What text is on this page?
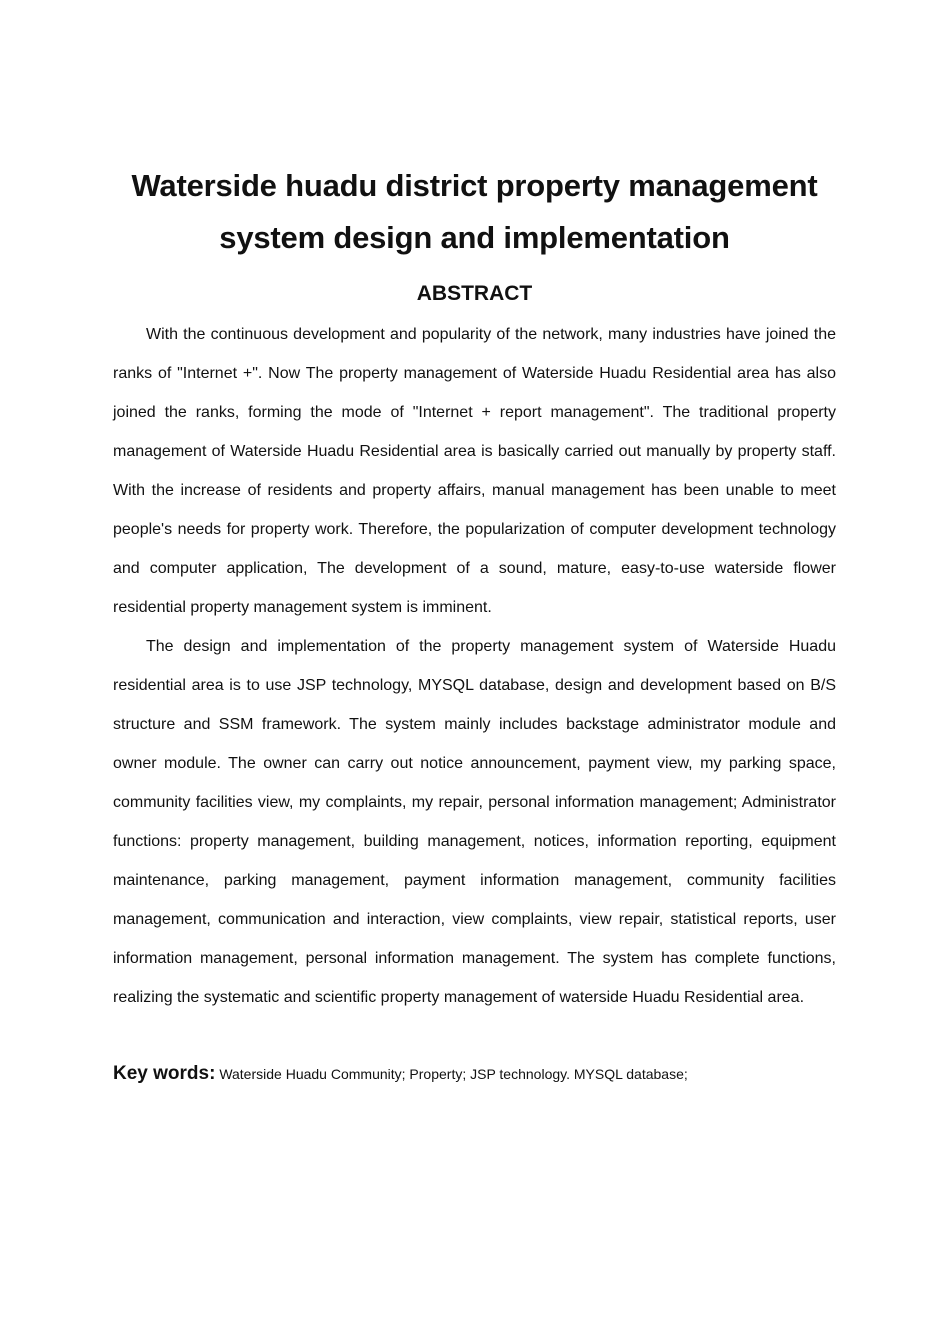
Waterside huadu district property management system design and implementation
ABSTRACT

With the continuous development and popularity of the network, many industries have joined the ranks of "Internet +". Now The property management of Waterside Huadu Residential area has also joined the ranks, forming the mode of "Internet + report management". The traditional property management of Waterside Huadu Residential area is basically carried out manually by property staff. With the increase of residents and property affairs, manual management has been unable to meet people's needs for property work. Therefore, the popularization of computer development technology and computer application, The development of a sound, mature, easy-to-use waterside flower residential property management system is imminent.

The design and implementation of the property management system of Waterside Huadu residential area is to use JSP technology, MYSQL database, design and development based on B/S structure and SSM framework. The system mainly includes backstage administrator module and owner module. The owner can carry out notice announcement, payment view, my parking space, community facilities view, my complaints, my repair, personal information management; Administrator functions: property management, building management, notices, information reporting, equipment maintenance, parking management, payment information management, community facilities management, communication and interaction, view complaints, view repair, statistical reports, user information management, personal information management. The system has complete functions, realizing the systematic and scientific property management of waterside Huadu Residential area.

Key words: Waterside Huadu Community; Property; JSP technology. MYSQL database;
